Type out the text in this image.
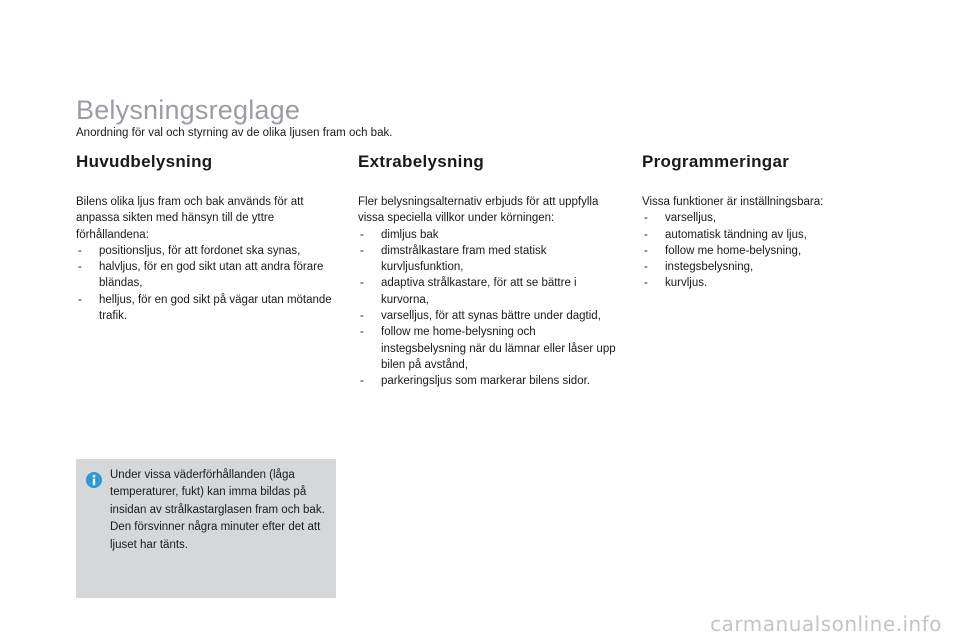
Belysningsreglage
Anordning för val och styrning av de olika ljusen fram och bak.
Huvudbelysning
Bilens olika ljus fram och bak används för att anpassa sikten med hänsyn till de yttre förhållandena:
- positionsljus, för att fordonet ska synas,
- halvljus, för en god sikt utan att andra förare bländas,
- helljus, för en god sikt på vägar utan mötande trafik.
Extrabelysning
Fler belysningsalternativ erbjuds för att uppfylla vissa speciella villkor under körningen:
- dimljus bak
- dimstrålkastare fram med statisk kurvljusfunktion,
- adaptiva strålkastare, för att se bättre i kurvorna,
- varselljus, för att synas bättre under dagtid,
- follow me home-belysning och instegsbelysning när du lämnar eller låser upp bilen på avstånd,
- parkeringsljus som markerar bilens sidor.
Programmeringar
Vissa funktioner är inställningsbara:
- varselljus,
- automatisk tändning av ljus,
- follow me home-belysning,
- instegsbelysning,
- kurvljus.
Under vissa väderförhållanden (låga temperaturer, fukt) kan imma bildas på insidan av strålkastarglasen fram och bak. Den försvinner några minuter efter det att ljuset har tänts.
carmanualsonline.info
